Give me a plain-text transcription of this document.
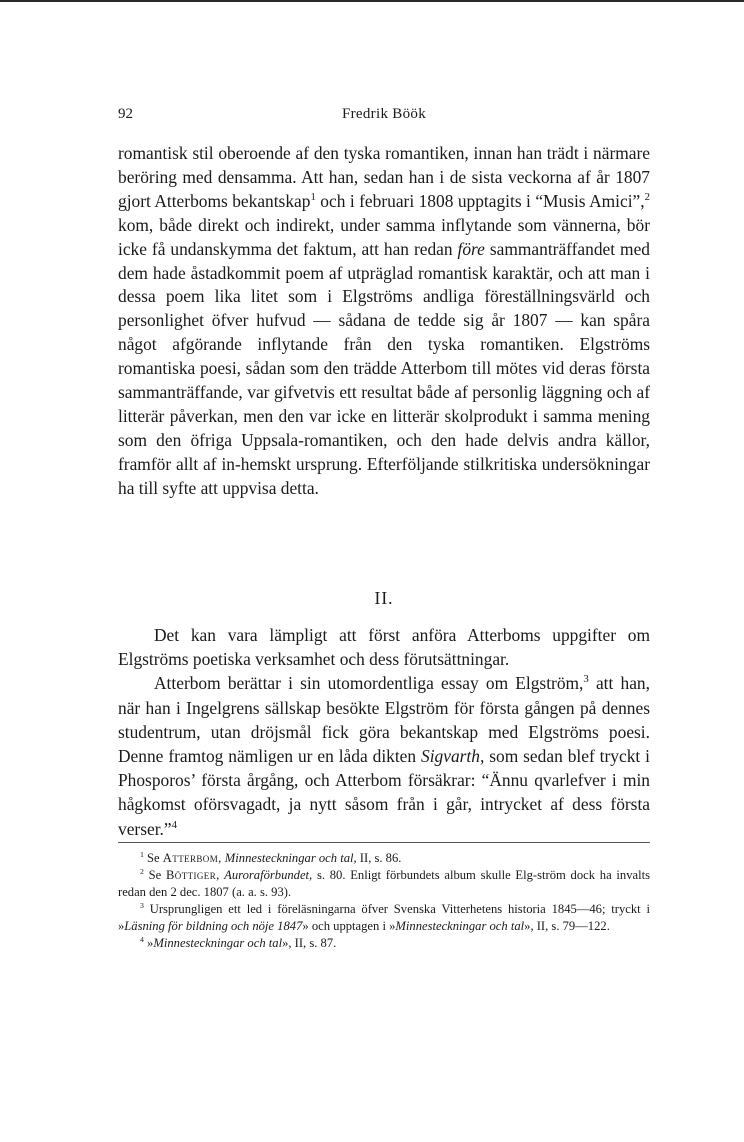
92	Fredrik Böök

romantisk stil oberoende af den tyska romantiken, innan han trädt i närmare beröring med densamma. Att han, sedan han i de sista veckorna af år 1807 gjort Atterboms bekantskap$^1$ och i februari 1808 upptagits i “Musis Amici”,$^2$ kom, både direkt och indirekt, under samma inflytande som vännerna, bör icke få undanskymma det faktum, att han redan före sammanträffandet med dem hade åstadkommit poem af utpräglad romantisk karaktär, och att man i dessa poem lika litet som i Elgströms andliga föreställningsvärld och personlighet öfver hufvud — sådana de tedde sig år 1807 — kan spåra något afgörande inflytande från den tyska romantiken. Elgströms romantiska poesi, sådan som den trädde Atterbom till mötes vid deras första sammanträffande, var gifvetvis ett resultat både af personlig läggning och af litterär påverkan, men den var icke en litterär skolprodukt i samma mening som den öfriga Uppsala-romantiken, och den hade delvis andra källor, framför allt af in-hemskt ursprung. Efterföljande stilkritiska undersökningar ha till syfte att uppvisa detta.

II.

Det kan vara lämpligt att först anföra Atterboms uppgifter om Elgströms poetiska verksamhet och dess förutsättningar.

Atterbom berättar i sin utomordentliga essay om Elgström,$^3$ att han, när han i Ingelgrens sällskap besökte Elgström för första gången på dennes studentrum, utan dröjsmål fick göra bekantskap med Elgströms poesi. Denne framtog nämligen ur en låda dikten Sigvarth, som sedan blef tryckt i Phosporos’ första årgång, och Atterbom försäkrar: “Ännu qvarlefver i min hågkomst oförsvagadt, ja nytt såsom från i går, intrycket af dess första verser.”$^4$

$^1$ Se Atterbom, Minnesteckningar och tal, II, s. 86.

$^2$ Se Böttiger, Auroraförbundet, s. 80. Enligt förbundets album skulle Elg-ström dock ha invalts redan den 2 dec. 1807 (a. a. s. 93).

$^3$ Ursprungligen ett led i föreläsningarna öfver Svenska Vitterhetens historia 1845—46; tryckt i »Läsning för bildning och nöje 1847» och upptagen i »Minnesteckningar och tal», II, s. 79—122.

$^4$ »Minnesteckningar och tal», II, s. 87.
